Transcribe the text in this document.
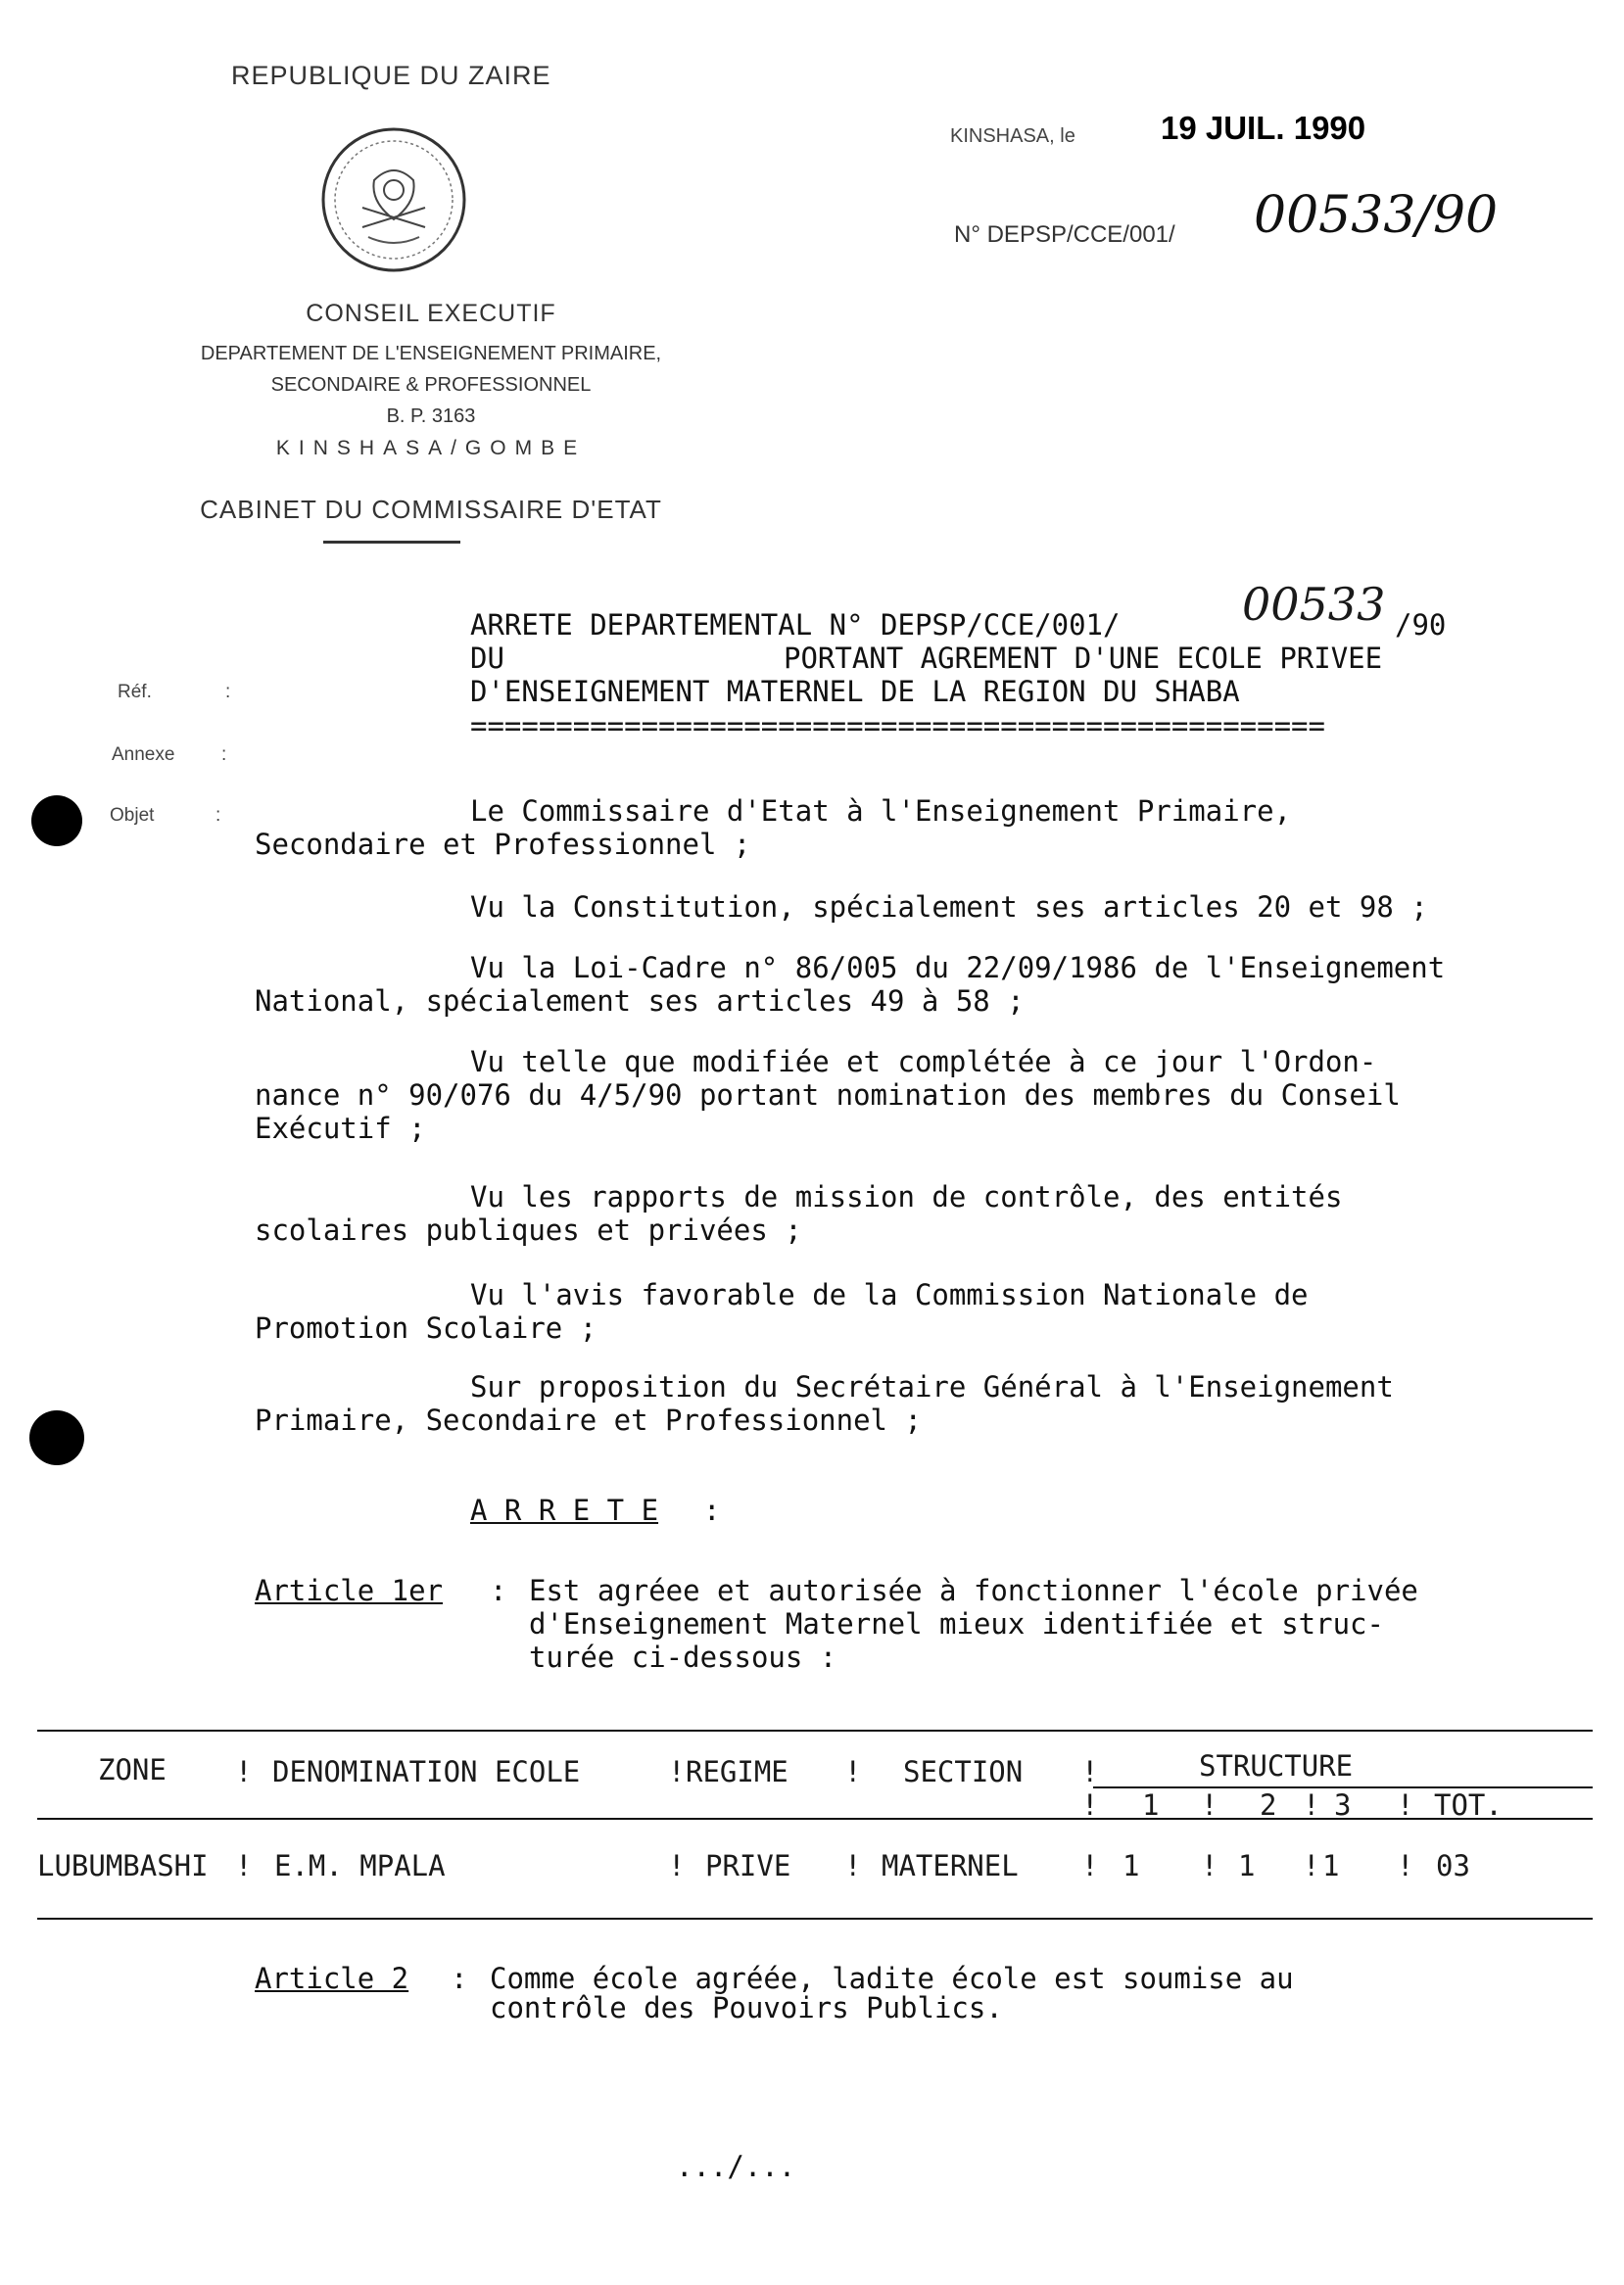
REPUBLIQUE DU ZAIRE
CONSEIL EXECUTIF
DEPARTEMENT DE L'ENSEIGNEMENT PRIMAIRE,
SECONDAIRE & PROFESSIONNEL
B. P. 3163
KINSHASA/GOMBE
CABINET DU COMMISSAIRE D'ETAT
KINSHASA, le	19 JUIL. 1990
N° DEPSP/CCE/001/ 00533/90
Réf.	:
Annexe	:
Objet	:
ARRETE DEPARTEMENTAL N° DEPSP/CCE/001/	00533 /90
DU	PORTANT AGREMENT D'UNE ECOLE PRIVEE
D'ENSEIGNEMENT MATERNEL DE LA REGION DU SHABA
==================================================
Le Commissaire d'Etat à l'Enseignement Primaire,
Secondaire et Professionnel ;
Vu la Constitution, spécialement ses articles 20 et 98 ;
Vu la Loi-Cadre n° 86/005 du 22/09/1986 de l'Enseignement
National, spécialement ses articles 49 à 58 ;
Vu telle que modifiée et complétée à ce jour l'Ordon-
nance n° 90/076 du 4/5/90 portant nomination des membres du Conseil
Exécutif ;
Vu les rapports de mission de contrôle, des entités
scolaires publiques et privées ;
Vu l'avis favorable de la Commission Nationale de
Promotion Scolaire ;
Sur proposition du Secrétaire Général à l'Enseignement
Primaire, Secondaire et Professionnel ;
A R R E T E :
Article 1er : Est agréee et autorisée à fonctionner l'école privée
d'Enseignement Maternel mieux identifiée et struc-
turée ci-dessous :
ZONE ! DENOMINATION ECOLE	! REGIME ! SECTION !	STRUCTURE
! 1 ! 2 ! 3 ! TOT.
LUBUMBASHI ! E.M. MPALA	! PRIVE ! MATERNEL ! 1 ! 1 ! 1 ! 03
Article 2 : Comme école agréée, ladite école est soumise au
contrôle des Pouvoirs Publics.
.../...
